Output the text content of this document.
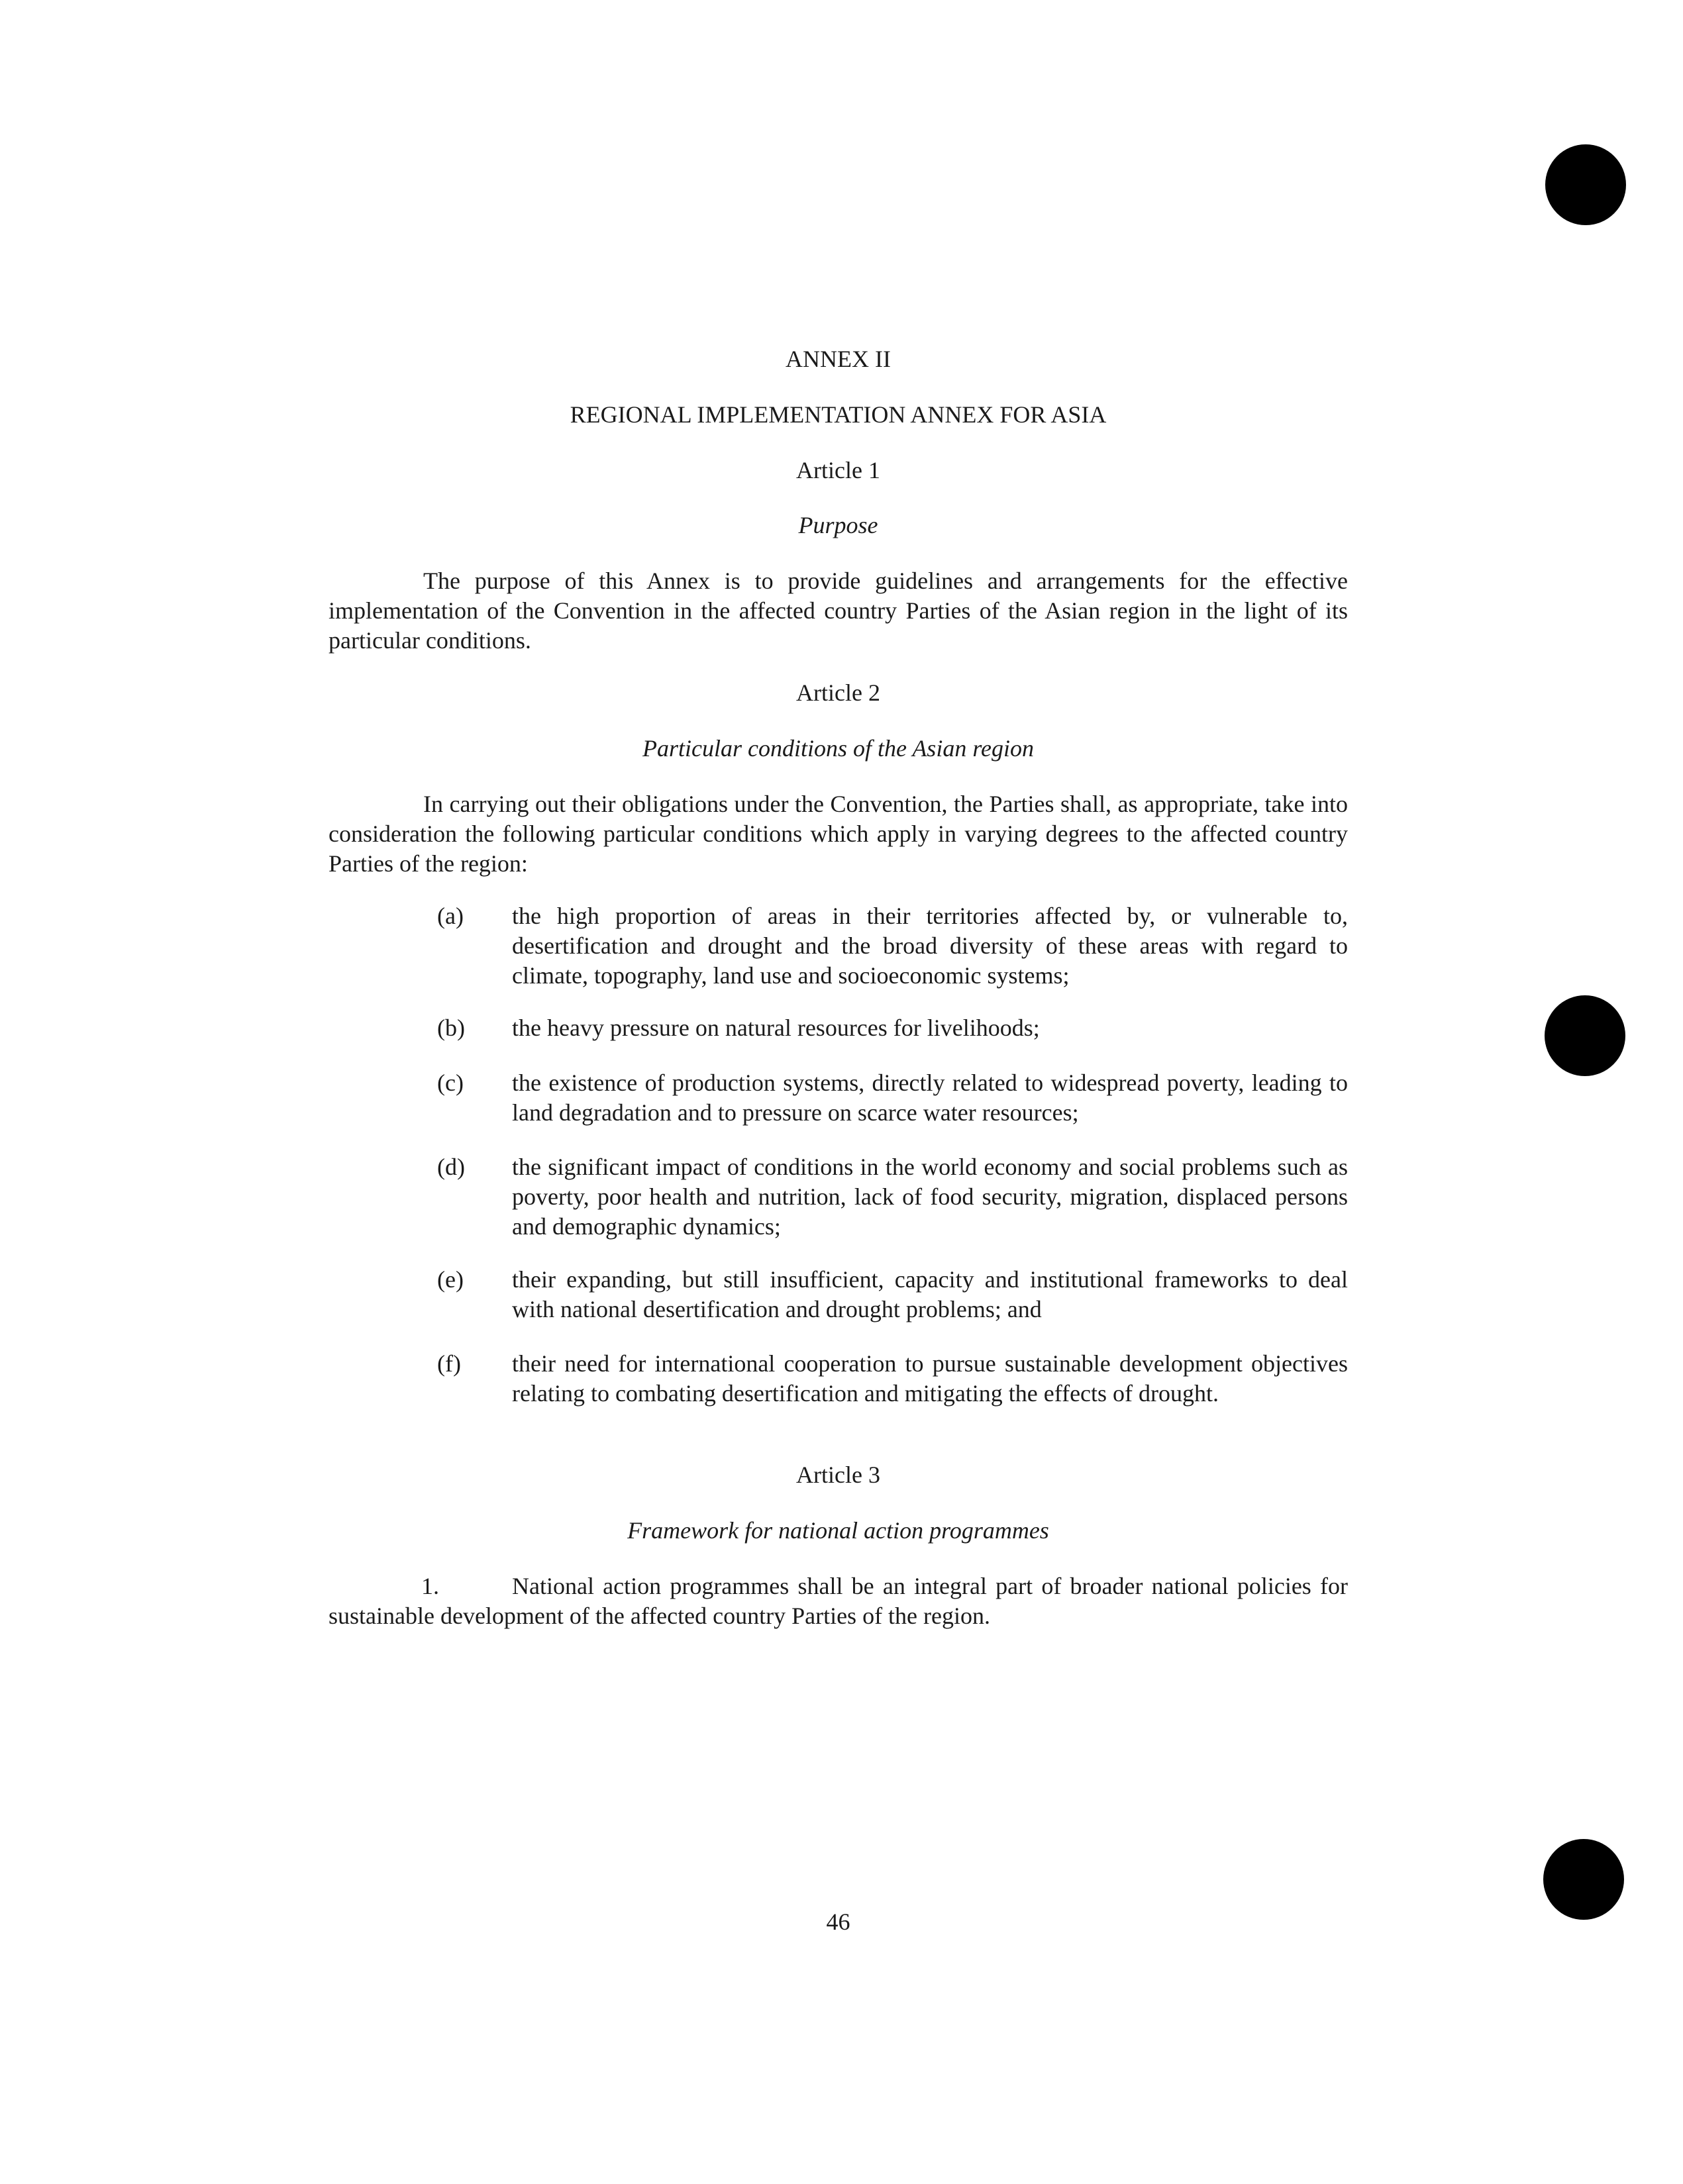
ANNEX II
REGIONAL IMPLEMENTATION ANNEX FOR ASIA
Article 1
Purpose
The purpose of this Annex is to provide guidelines and arrangements for the effective implementation of the Convention in the affected country Parties of the Asian region in the light of its particular conditions.
Article 2
Particular conditions of the Asian region
In carrying out their obligations under the Convention, the Parties shall, as appropriate, take into consideration the following particular conditions which apply in varying degrees to the affected country Parties of the region:
(a)	the high proportion of areas in their territories affected by, or vulnerable to, desertification and drought and the broad diversity of these areas with regard to climate, topography, land use and socioeconomic systems;
(b)	the heavy pressure on natural resources for livelihoods;
(c)	the existence of production systems, directly related to widespread poverty, leading to land degradation and to pressure on scarce water resources;
(d)	the significant impact of conditions in the world economy and social problems such as poverty, poor health and nutrition, lack of food security, migration, displaced persons and demographic dynamics;
(e)	their expanding, but still insufficient, capacity and institutional frameworks to deal with national desertification and drought problems; and
(f)	their need for international cooperation to pursue sustainable development objectives relating to combating desertification and mitigating the effects of drought.
Article 3
Framework for national action programmes
1.	National action programmes shall be an integral part of broader national policies for sustainable development of the affected country Parties of the region.
46
